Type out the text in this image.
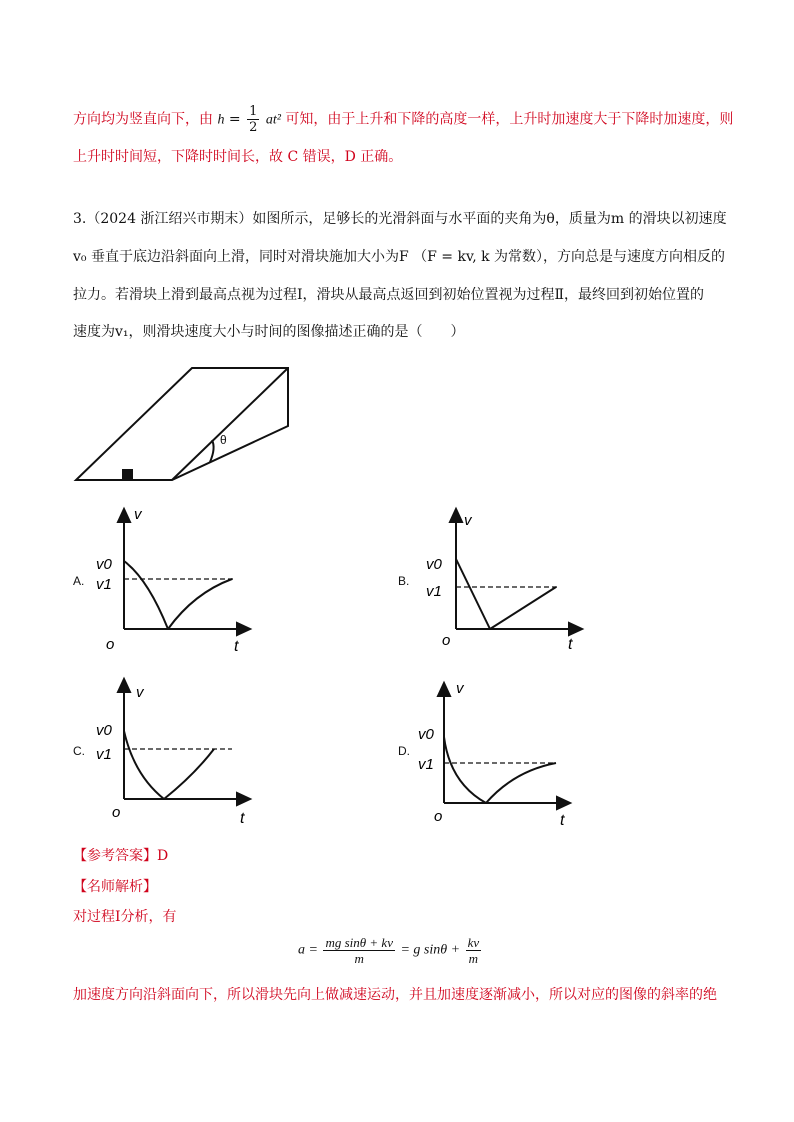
方向均为竖直向下，由 $h = \frac{1}{2} at^2$ 可知，由于上升和下降的高度一样，上升时加速度大于下降时加速度，则
上升时时间短，下降时时间长，故 C 错误，D 正确。
3.（2024 浙江绍兴市期末）如图所示，足够长的光滑斜面与水平面的夹角为θ，质量为m 的滑块以初速度
v₀ 垂直于底边沿斜面向上滑，同时对滑块施加大小为F （F = kv, k 为常数），方向总是与速度方向相反的
拉力。若滑块上滑到最高点视为过程Ⅰ，滑块从最高点返回到初始位置视为过程Ⅱ，最终回到初始位置的
速度为v₁，则滑块速度大小与时间的图像描述正确的是（　　）
θ
A.
v
v0
v1
o	t
B.
v
v0
v1
o	t
C.
v
v0
v1
o	t
D.
v
v0
v1
o	t
【参考答案】D
【名师解析】
对过程Ⅰ分析，有
$a = \frac{\text{mg sinθ + kv}}{m} = g$ $\sin\theta + \frac{kv}{m}$
加速度方向沿斜面向下，所以滑块先向上做减速运动，并且加速度逐渐减小，所以对应的图像的斜率的绝
